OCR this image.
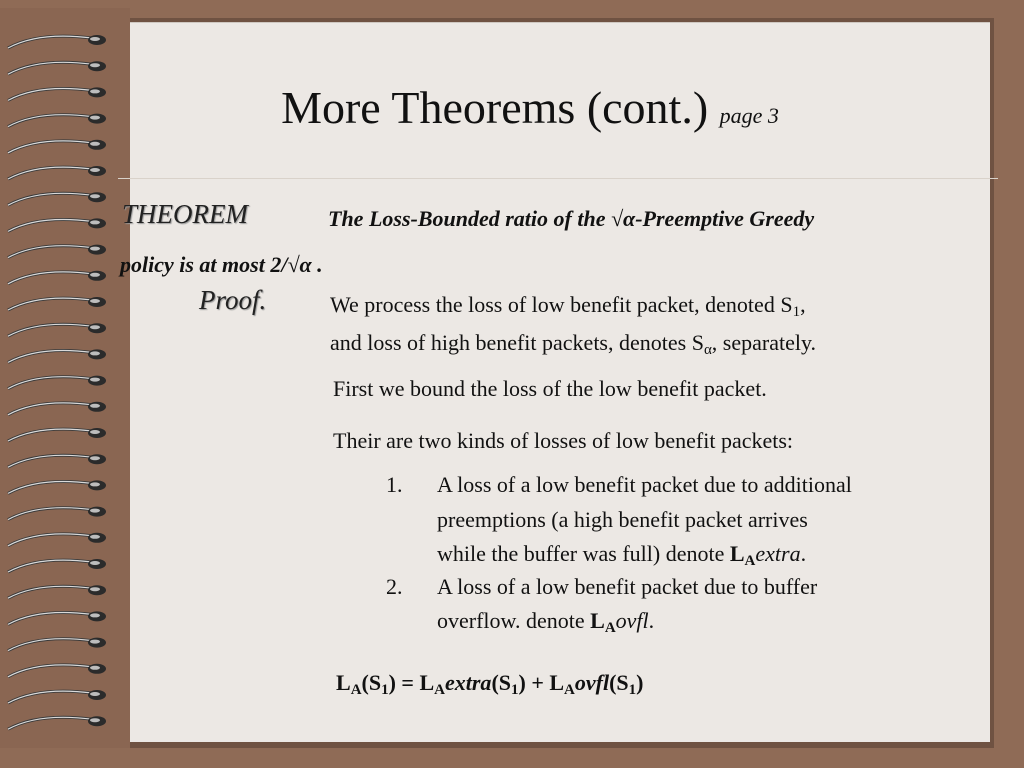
More Theorems (cont.) page 3
THEOREM	The Loss-Bounded ratio of the √α-Preemptive Greedy
policy is at most 2/√α .
Proof.	We process the loss of low benefit packet, denoted $S_1$,
and loss of high benefit packets, denotes $S_\alpha$, separately.
First we bound the loss of the low benefit packet.
Their are two kinds of losses of low benefit packets:
1. A loss of a low benefit packet due to additional
preemptions (a high benefit packet arrives
while the buffer was full) denote $L_Aextra$.
2. A loss of a low benefit packet due to buffer
overflow. denote $L_Aovfl$.
$L_A(S_1)$ = $L_Aextra(S_1)$ + $L_Aovfl(S_1)$
